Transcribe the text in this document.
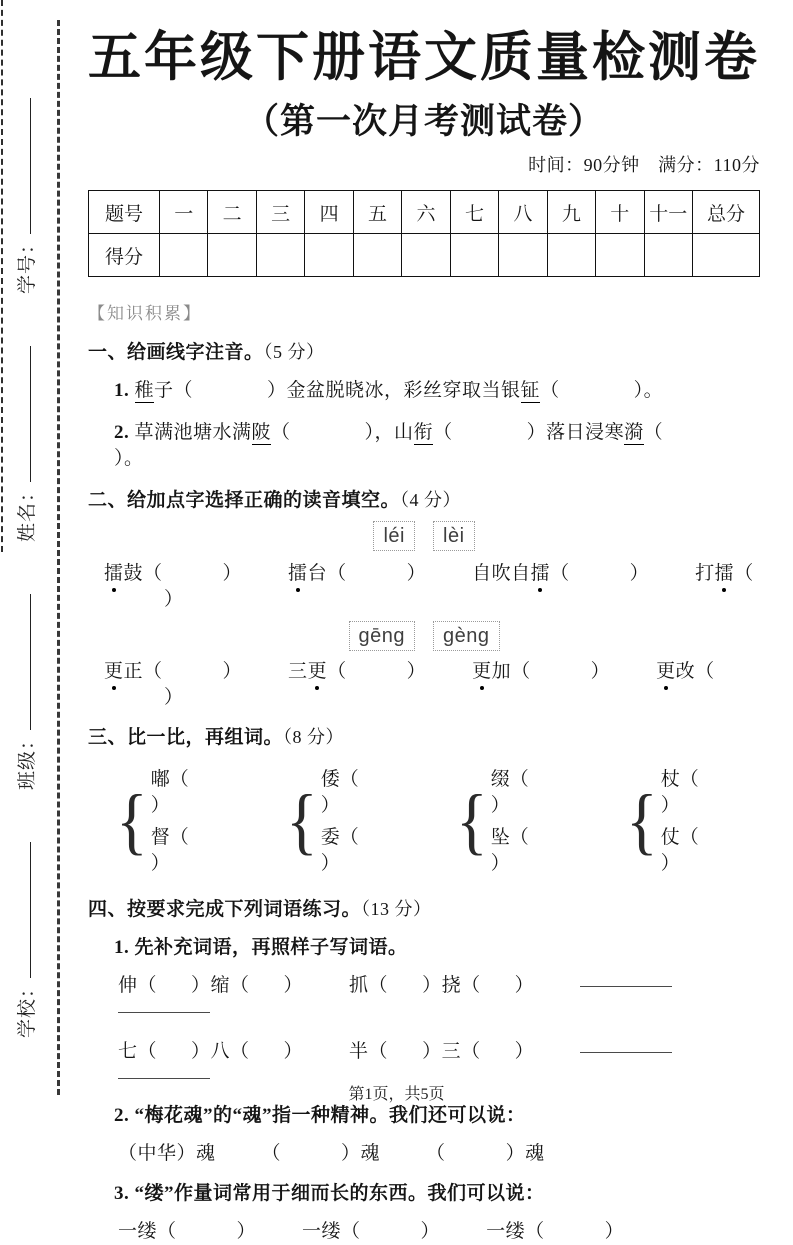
学校：班级：姓名：学号：
五年级下册语文质量检测卷
（第一次月考测试卷）
时间：90分钟　满分：110分
题号	一	二	三	四	五	六	七	八	九	十	十一	总分
得分												
【知识积累】
一、给画线字注音。（5 分）
1. 稚子（	）金盆脱晓冰，彩丝穿取当银钲（	）。
2. 草满池塘水满陂（	），山衔（	）落日浸寒漪（）。
二、给加点字选择正确的读音填空。（4 分）
léi lèi
擂鼓（	） 擂台（	） 自吹自擂（	） 打擂（）
gēng gèng
更正（	） 三更（	） 更加（	） 更改（）
三、比一比，再组词。（8 分）
{
嘟（）
督（）
{
倭（）
委（）
{
缀（）
坠（）
{
杖（）
仗（）
四、按要求完成下列词语练习。（13 分）
1. 先补充词语，再照样子写词语。
伸（ ）缩（ ） 抓（ ）挠（ ）
七（ ）八（ ） 半（ ）三（ ）
2. “梅花魂”的“魂”指一种精神。我们还可以说：
（中华）魂 （	）魂 （	）魂
3. “缕”作量词常用于细而长的东西。我们可以说：
一缕（	） 一缕（	） 一缕（	）
第1页，共5页
